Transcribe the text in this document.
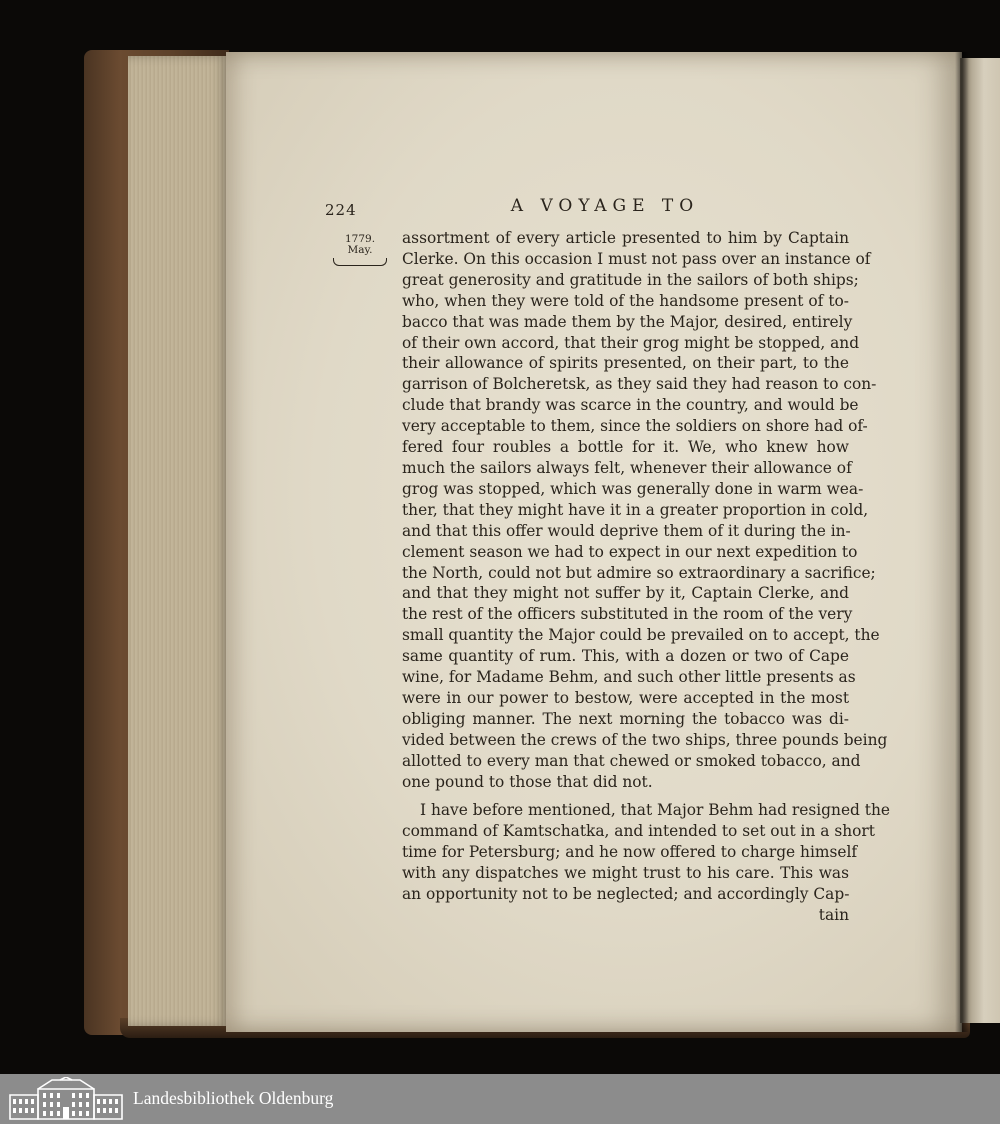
224	A VOYAGE TO
1779.
May.
assortment of every article presented to him by Captain
Clerke. On this occasion I must not pass over an instance of
great generosity and gratitude in the sailors of both ships;
who, when they were told of the handsome present of to-
bacco that was made them by the Major, desired, entirely
of their own accord, that their grog might be stopped, and
their allowance of spirits presented, on their part, to the
garrison of Bolcheretsk, as they said they had reason to con-
clude that brandy was scarce in the country, and would be
very acceptable to them, since the soldiers on shore had of-
fered four roubles a bottle for it. We, who knew how
much the sailors always felt, whenever their allowance of
grog was stopped, which was generally done in warm wea-
ther, that they might have it in a greater proportion in cold,
and that this offer would deprive them of it during the in-
clement season we had to expect in our next expedition to
the North, could not but admire so extraordinary a sacrifice;
and that they might not suffer by it, Captain Clerke, and
the rest of the officers substituted in the room of the very
small quantity the Major could be prevailed on to accept, the
same quantity of rum. This, with a dozen or two of Cape
wine, for Madame Behm, and such other little presents as
were in our power to bestow, were accepted in the most
obliging manner. The next morning the tobacco was di-
vided between the crews of the two ships, three pounds being
allotted to every man that chewed or smoked tobacco, and
one pound to those that did not.
I have before mentioned, that Major Behm had resigned the
command of Kamtschatka, and intended to set out in a short
time for Petersburg; and he now offered to charge himself
with any dispatches we might trust to his care. This was
an opportunity not to be neglected; and accordingly Cap-
tain
Landesbibliothek Oldenburg
